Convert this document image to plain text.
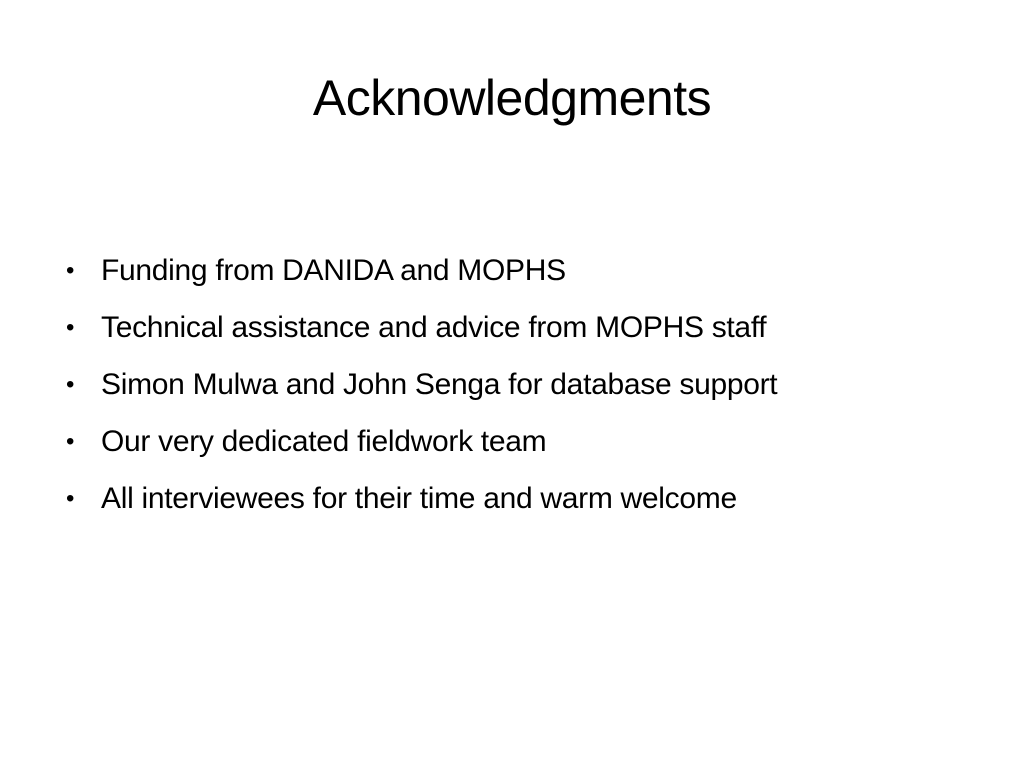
Acknowledgments
• Funding from DANIDA and MOPHS
• Technical assistance and advice from MOPHS staff
• Simon Mulwa and John Senga for database support
• Our very dedicated fieldwork team
• All interviewees for their time and warm welcome
